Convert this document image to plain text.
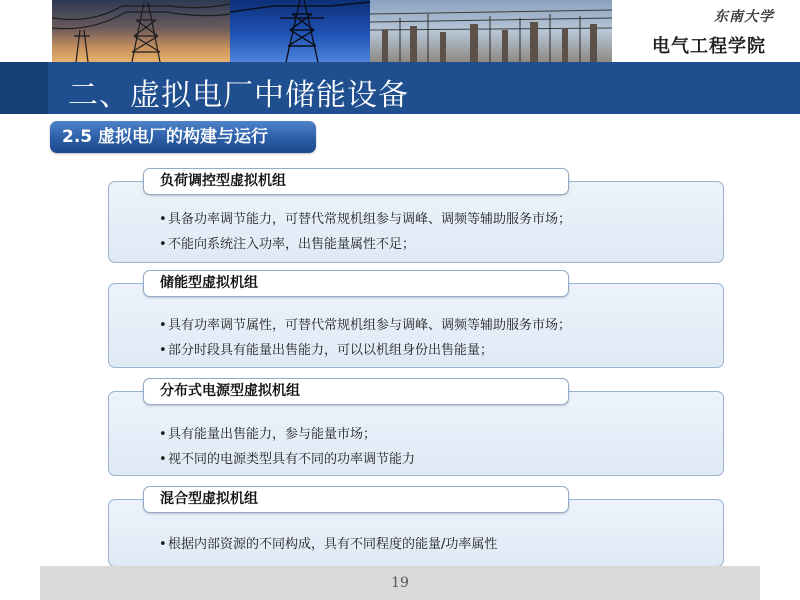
东南大学
电气工程学院
二、虚拟电厂中储能设备
2.5 虚拟电厂的构建与运行
负荷调控型虚拟机组
• 具备功率调节能力，可替代常规机组参与调峰、调频等辅助服务市场；
• 不能向系统注入功率，出售能量属性不足；
储能型虚拟机组
• 具有功率调节属性，可替代常规机组参与调峰、调频等辅助服务市场；
• 部分时段具有能量出售能力，可以以机组身份出售能量；
分布式电源型虚拟机组
• 具有能量出售能力，参与能量市场；
• 视不同的电源类型具有不同的功率调节能力
混合型虚拟机组
• 根据内部资源的不同构成，具有不同程度的能量/功率属性
19
